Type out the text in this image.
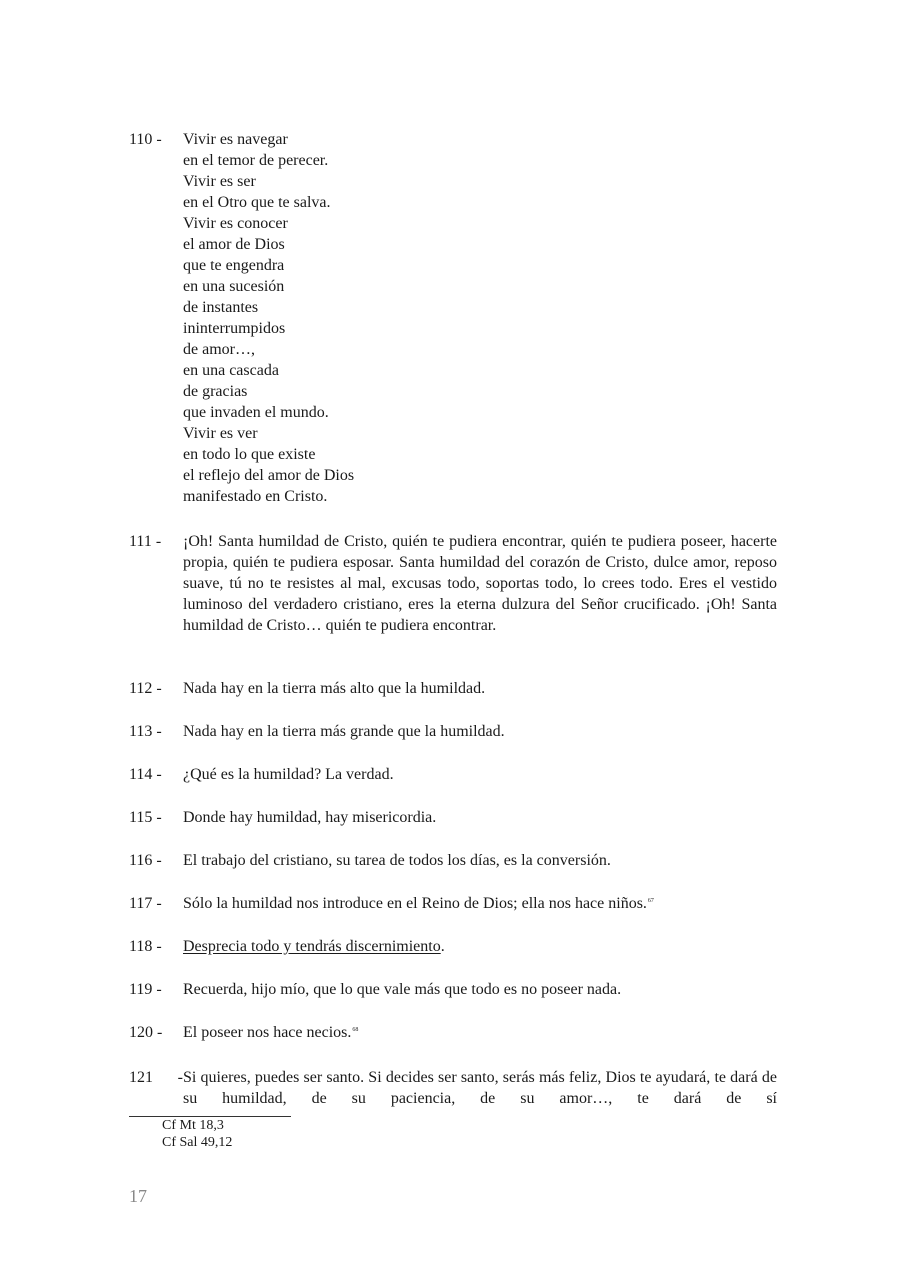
110 -	Vivir es navegar
en el temor de perecer.
Vivir es ser
en el Otro que te salva.
Vivir es conocer
el amor de Dios
que te engendra
en una sucesión
de instantes
ininterrumpidos
de amor…,
en una cascada
de gracias
que invaden el mundo.
Vivir es ver
en todo lo que existe
el reflejo del amor de Dios
manifestado en Cristo.
111 -	¡Oh! Santa humildad de Cristo, quién te pudiera encontrar, quién te pudiera poseer, hacerte propia, quién te pudiera esposar. Santa humildad del corazón de Cristo, dulce amor, reposo suave, tú no te resistes al mal, excusas todo, soportas todo, lo crees todo. Eres el vestido luminoso del verdadero cristiano, eres la eterna dulzura del Señor crucificado. ¡Oh! Santa humildad de Cristo… quién te pudiera encontrar.
112 -	Nada hay en la tierra más alto que la humildad.
113 -	Nada hay en la tierra más grande que la humildad.
114 -	¿Qué es la humildad? La verdad.
115 -	Donde hay humildad, hay misericordia.
116 -	El trabajo del cristiano, su tarea de todos los días, es la conversión.
117 -	Sólo la humildad nos introduce en el Reino de Dios; ella nos hace niños.$^{67}$
118 -	Desprecia todo y tendrás discernimiento.
119 -	Recuerda, hijo mío, que lo que vale más que todo es no poseer nada.
120 -	El poseer nos hace necios.$^{68}$
121 - Si quieres, puedes ser santo. Si decides ser santo, serás más feliz, Dios te ayudará, te dará de su humildad, de su paciencia, de su amor…, te dará de sí
Cf Mt 18,3
Cf Sal 49,12
17
